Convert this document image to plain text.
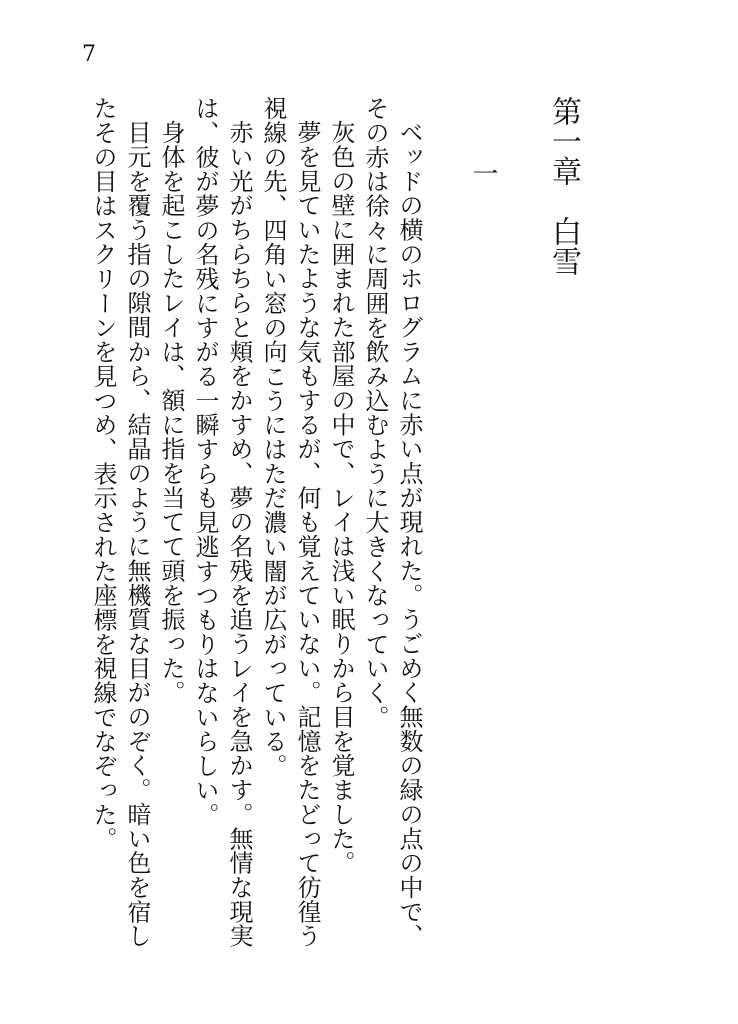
7
第一章　白雪
一

ベッドの横のホログラムに赤い点が現れた。うごめく無数の緑の点の中で、その赤は徐々に周囲を飲み込むように大きくなっていく。

灰色の壁に囲まれた部屋の中で、レイは浅い眠りから目を覚ました。

夢を見ていたような気もするが、何も覚えていない。記憶をたどって彷徨う視線の先、四角い窓の向こうにはただ濃い闇が広がっている。

赤い光がちらちらと頬をかすめ、夢の名残を追うレイを急かす。無情な現実は、彼が夢の名残にすがる一瞬すらも見逃すつもりはないらしい。

身体を起こしたレイは、額に指を当てて頭を振った。

目元を覆う指の隙間から、結晶のように無機質な目がのぞく。暗い色を宿したその目はスクリーンを見つめ、表示された座標を視線でなぞった。
